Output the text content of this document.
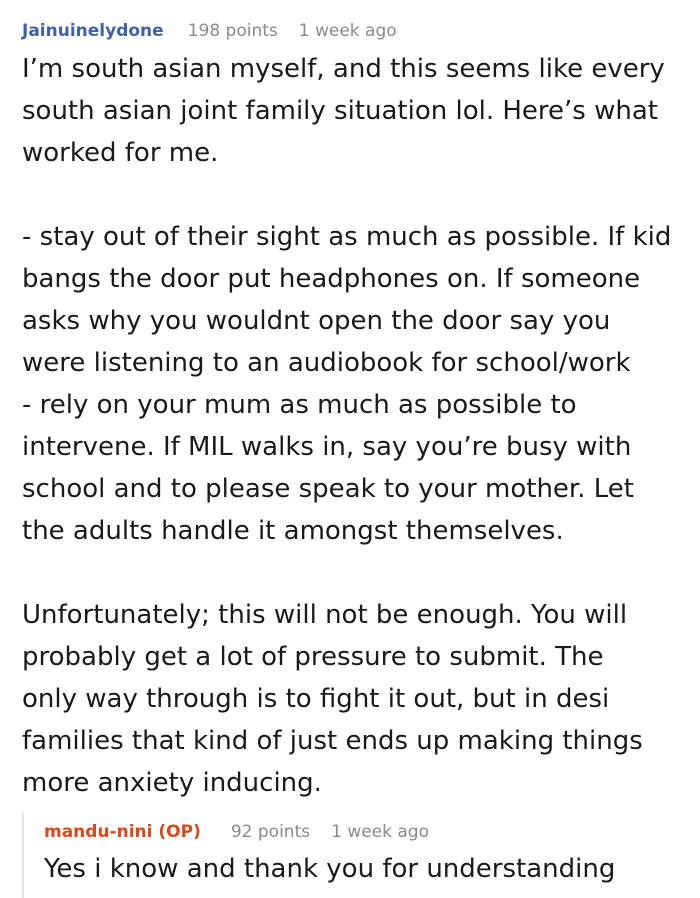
Jainuinelydone 198 points 1 week ago
I’m south asian myself, and this seems like every
south asian joint family situation lol. Here’s what
worked for me.
- stay out of their sight as much as possible. If kid
bangs the door put headphones on. If someone
asks why you wouldnt open the door say you
were listening to an audiobook for school/work
- rely on your mum as much as possible to
intervene. If MIL walks in, say you’re busy with
school and to please speak to your mother. Let
the adults handle it amongst themselves.
Unfortunately; this will not be enough. You will
probably get a lot of pressure to submit. The
only way through is to fight it out, but in desi
families that kind of just ends up making things
more anxiety inducing.
mandu-nini (OP) 92 points 1 week ago
Yes i know and thank you for understanding
